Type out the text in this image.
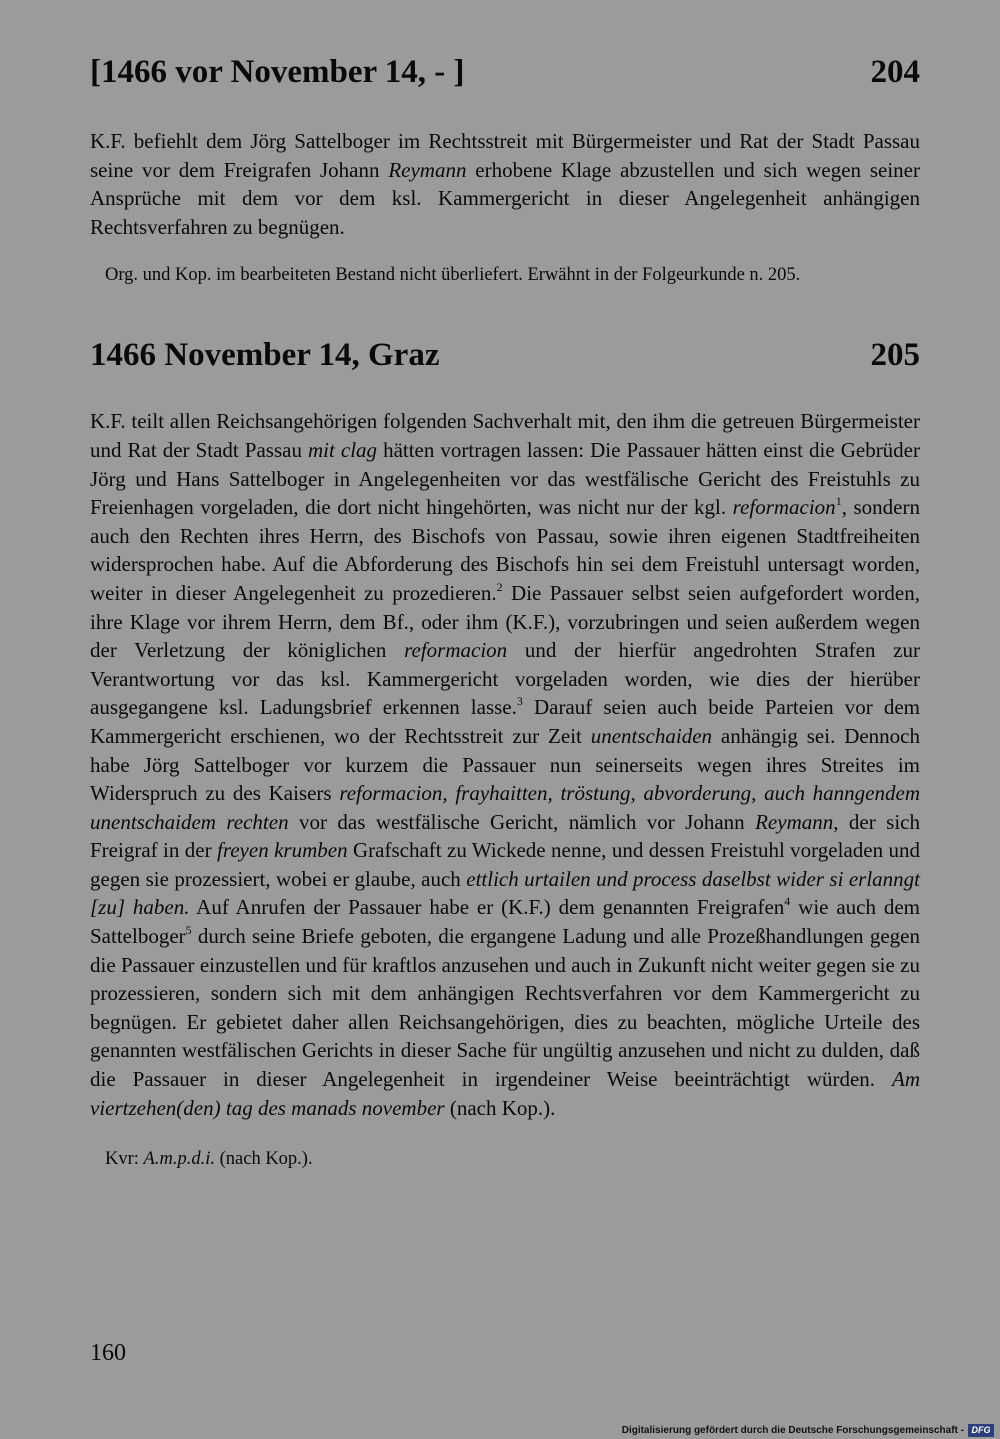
[1466 vor November 14, - ]	204
K.F. befiehlt dem Jörg Sattelboger im Rechtsstreit mit Bürgermeister und Rat der Stadt Passau seine vor dem Freigrafen Johann Reymann erhobene Klage abzustellen und sich wegen seiner Ansprüche mit dem vor dem ksl. Kammergericht in dieser Angelegenheit anhängigen Rechtsverfahren zu begnügen.

Org. und Kop. im bearbeiteten Bestand nicht überliefert. Erwähnt in der Folgeurkunde n. 205.

1466 November 14, Graz	205
K.F. teilt allen Reichsangehörigen folgenden Sachverhalt mit, den ihm die getreuen Bürgermeister und Rat der Stadt Passau mit clag hätten vortragen lassen: Die Passauer hätten einst die Gebrüder Jörg und Hans Sattelboger in Angelegenheiten vor das westfälische Gericht des Freistuhls zu Freienhagen vorgeladen, die dort nicht hingehörten, was nicht nur der kgl. reformacion$^1$, sondern auch den Rechten ihres Herrn, des Bischofs von Passau, sowie ihren eigenen Stadtfreiheiten widersprochen habe. Auf die Abforderung des Bischofs hin sei dem Freistuhl untersagt worden, weiter in dieser Angelegenheit zu prozedieren.$^2$ Die Passauer selbst seien aufgefordert worden, ihre Klage vor ihrem Herrn, dem Bf., oder ihm (K.F.), vorzubringen und seien außerdem wegen der Verletzung der königlichen reformacion und der hierfür angedrohten Strafen zur Verantwortung vor das ksl. Kammergericht vorgeladen worden, wie dies der hierüber ausgegangene ksl. Ladungsbrief erkennen lasse.$^3$ Darauf seien auch beide Parteien vor dem Kammergericht erschienen, wo der Rechtsstreit zur Zeit unentschaiden anhängig sei. Dennoch habe Jörg Sattelboger vor kurzem die Passauer nun seinerseits wegen ihres Streites im Widerspruch zu des Kaisers reformacion, frayhaitten, tröstung, abvorderung, auch hanngendem unentschaidem rechten vor das westfälische Gericht, nämlich vor Johann Reymann, der sich Freigraf in der freyen krumben Grafschaft zu Wickede nenne, und dessen Freistuhl vorgeladen und gegen sie prozessiert, wobei er glaube, auch ettlich urtailen und process daselbst wider si erlanngt [zu] haben. Auf Anrufen der Passauer habe er (K.F.) dem genannten Freigrafen$^4$ wie auch dem Sattelboger$^5$ durch seine Briefe geboten, die ergangene Ladung und alle Prozeßhandlungen gegen die Passauer einzustellen und für kraftlos anzusehen und auch in Zukunft nicht weiter gegen sie zu prozessieren, sondern sich mit dem anhängigen Rechtsverfahren vor dem Kammergericht zu begnügen. Er gebietet daher allen Reichsangehörigen, dies zu beachten, mögliche Urteile des genannten westfälischen Gerichts in dieser Sache für ungültig anzusehen und nicht zu dulden, daß die Passauer in dieser Angelegenheit in irgendeiner Weise beeinträchtigt würden. Am viertzehen(den) tag des manads november (nach Kop.).

Kvr: A.m.p.d.i. (nach Kop.).

160
Digitalisierung gefördert durch die Deutsche Forschungsgemeinschaft - DFG
